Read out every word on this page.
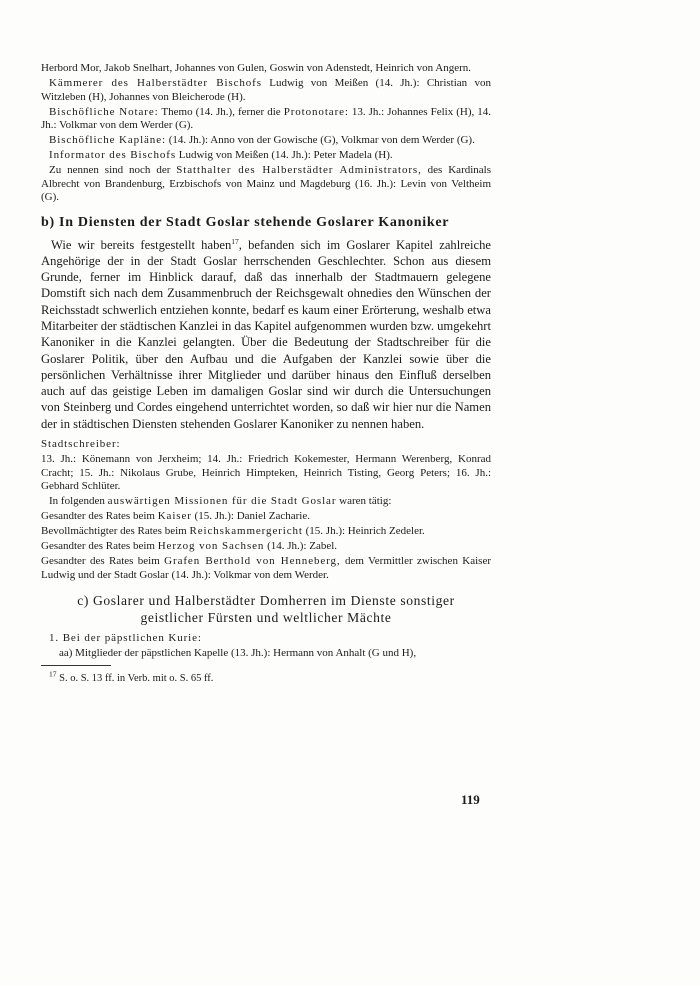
Herbord Mor, Jakob Snelhart, Johannes von Gulen, Goswin von Adenstedt, Heinrich von Angern.

Kämmerer des Halberstädter Bischofs Ludwig von Meißen (14. Jh.): Christian von Witzleben (H), Johannes von Bleicherode (H).

Bischöfliche Notare: Themo (14. Jh.), ferner die Protonotare: 13. Jh.: Johannes Felix (H), 14. Jh.: Volkmar von dem Werder (G).

Bischöfliche Kapläne: (14. Jh.): Anno von der Gowische (G), Volkmar von dem Werder (G).

Informator des Bischofs Ludwig von Meißen (14. Jh.): Peter Madela (H).

Zu nennen sind noch der Statthalter des Halberstädter Administrators, des Kardinals Albrecht von Brandenburg, Erzbischofs von Mainz und Magdeburg (16. Jh.): Levin von Veltheim (G).

b) In Diensten der Stadt Goslar stehende Goslarer Kanoniker

Wie wir bereits festgestellt haben$^{17}$, befanden sich im Goslarer Kapitel zahlreiche Angehörige der in der Stadt Goslar herrschenden Geschlechter. Schon aus diesem Grunde, ferner im Hinblick darauf, daß das innerhalb der Stadtmauern gelegene Domstift sich nach dem Zusammenbruch der Reichsgewalt ohnedies den Wünschen der Reichsstadt schwerlich entziehen konnte, bedarf es kaum einer Erörterung, weshalb etwa Mitarbeiter der städtischen Kanzlei in das Kapitel aufgenommen wurden bzw. umgekehrt Kanoniker in die Kanzlei gelangten. Über die Bedeutung der Stadtschreiber für die Goslarer Politik, über den Aufbau und die Aufgaben der Kanzlei sowie über die persönlichen Verhältnisse ihrer Mitglieder und darüber hinaus den Einfluß derselben auch auf das geistige Leben im damaligen Goslar sind wir durch die Untersuchungen von Steinberg und Cordes eingehend unterrichtet worden, so daß wir hier nur die Namen der in städtischen Diensten stehenden Goslarer Kanoniker zu nennen haben.

Stadtschreiber:

13. Jh.: Könemann von Jerxheim; 14. Jh.: Friedrich Kokemester, Hermann Werenberg, Konrad Cracht; 15. Jh.: Nikolaus Grube, Heinrich Himpteken, Heinrich Tisting, Georg Peters; 16. Jh.: Gebhard Schlüter.

In folgenden auswärtigen Missionen für die Stadt Goslar waren tätig:

Gesandter des Rates beim Kaiser (15. Jh.): Daniel Zacharie.

Bevollmächtigter des Rates beim Reichskammergericht (15. Jh.): Heinrich Zedeler.

Gesandter des Rates beim Herzog von Sachsen (14. Jh.): Zabel.

Gesandter des Rates beim Grafen Berthold von Henneberg, dem Vermittler zwischen Kaiser Ludwig und der Stadt Goslar (14. Jh.): Volkmar von dem Werder.

c) Goslarer und Halberstädter Domherren im Dienste sonstiger

geistlicher Fürsten und weltlicher Mächte

1. Bei der päpstlichen Kurie:

aa) Mitglieder der päpstlichen Kapelle (13. Jh.): Hermann von Anhalt (G und H),

$^{17}$ S. o. S. 13 ff. in Verb. mit o. S. 65 ff.

119
